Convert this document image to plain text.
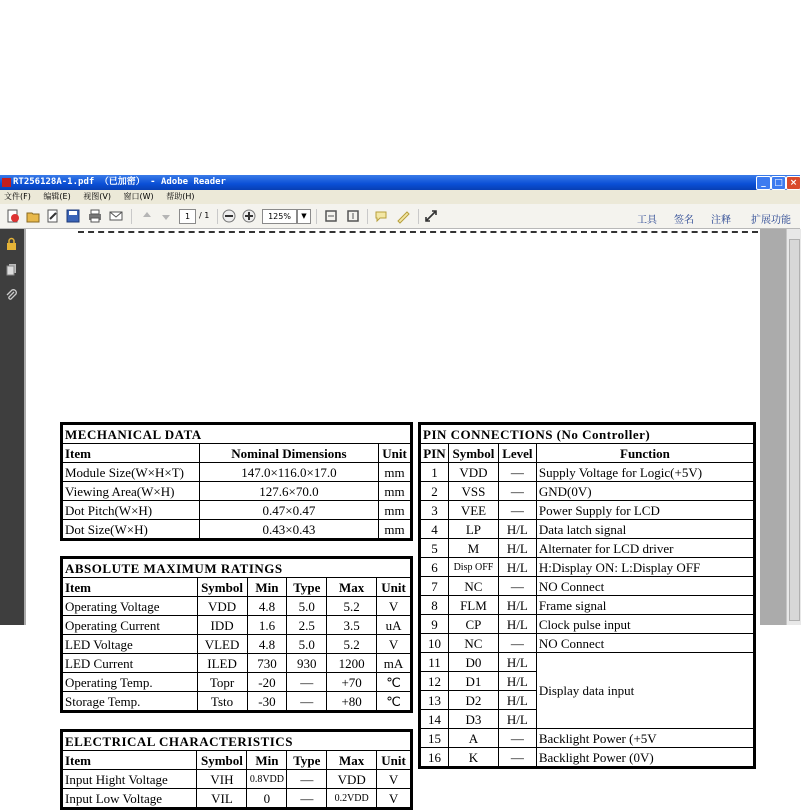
RT256128A-1.pdf （已加密） - Adobe Reader	_ □ ×
文件(F) 编辑(E) 视图(V) 窗口(W) 帮助(H)
1	/ 1	125%	▼	工具 签名 注释 扩展功能
MECHANICAL DATA		
Item	Nominal Dimensions	Unit
Module Size(W×H×T)	147.0×116.0×17.0	mm
Viewing Area(W×H)	127.6×70.0	mm
Dot Pitch(W×H)	0.47×0.47	mm
Dot Size(W×H)	0.43×0.43	mm
ABSOLUTE MAXIMUM RATINGS					
Item	Symbol	Min	Type	Max	Unit
Operating Voltage	VDD	4.8	5.0	5.2	V
Operating Current	IDD	1.6	2.5	3.5	uA
LED Voltage	VLED	4.8	5.0	5.2	V
LED Current	ILED	730	930	1200	mA
Operating Temp.	Topr	-20	—	+70	℃
Storage Temp.	Tsto	-30	—	+80	℃
ELECTRICAL CHARACTERISTICS					
Item	Symbol	Min	Type	Max	Unit
Input Hight Voltage	VIH	0.8VDD	—	VDD	V
Input Low Voltage	VIL	0	—	0.2VDD	V
PIN CONNECTIONS (No Controller)			
PIN	Symbol	Level	Function
1	VDD	—	Supply Voltage for Logic(+5V)
2	VSS	—	GND(0V)
3	VEE	—	Power Supply for LCD
4	LP	H/L	Data latch signal
5	M	H/L	Alternater for LCD driver
6	Disp OFF	H/L	H:Display ON: L:Display OFF
7	NC	—	NO Connect
8	FLM	H/L	Frame signal
9	CP	H/L	Clock pulse input
10	NC	—	NO Connect
11	D0	H/L	Display data input
12	D1	H/L	
13	D2	H/L	
14	D3	H/L	
15	A	—	Backlight Power (+5V
16	K	—	Backlight Power (0V)
